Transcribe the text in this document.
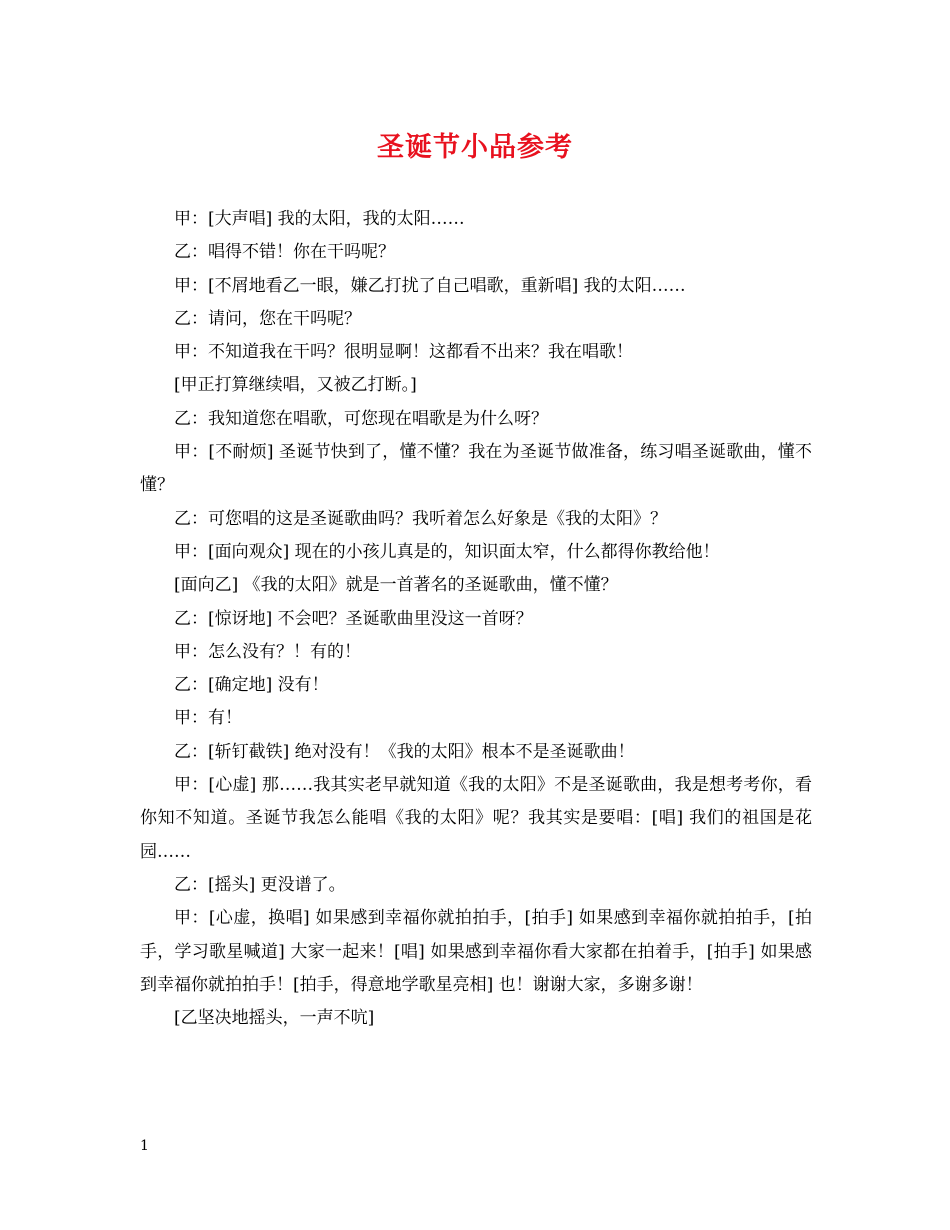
圣诞节小品参考

甲：[大声唱] 我的太阳，我的太阳……

乙：唱得不错！你在干吗呢？

甲：[不屑地看乙一眼，嫌乙打扰了自己唱歌，重新唱] 我的太阳……

乙：请问，您在干吗呢？

甲：不知道我在干吗？很明显啊！这都看不出来？我在唱歌！

[甲正打算继续唱，又被乙打断。]

乙：我知道您在唱歌，可您现在唱歌是为什么呀？

甲：[不耐烦] 圣诞节快到了，懂不懂？我在为圣诞节做准备，练习唱圣诞歌曲，懂不懂？

乙：可您唱的这是圣诞歌曲吗？我听着怎么好象是《我的太阳》？

甲：[面向观众] 现在的小孩儿真是的，知识面太窄，什么都得你教给他！

[面向乙] 《我的太阳》就是一首著名的圣诞歌曲，懂不懂？

乙：[惊讶地] 不会吧？圣诞歌曲里没这一首呀？

甲：怎么没有？！有的！

乙：[确定地] 没有！

甲：有！

乙：[斩钉截铁] 绝对没有！《我的太阳》根本不是圣诞歌曲！

甲：[心虚] 那……我其实老早就知道《我的太阳》不是圣诞歌曲，我是想考考你，看你知不知道。圣诞节我怎么能唱《我的太阳》呢？我其实是要唱：[唱] 我们的祖国是花园……

乙：[摇头] 更没谱了。

甲：[心虚，换唱] 如果感到幸福你就拍拍手，[拍手] 如果感到幸福你就拍拍手，[拍手，学习歌星喊道] 大家一起来！[唱] 如果感到幸福你看大家都在拍着手，[拍手] 如果感到幸福你就拍拍手！[拍手，得意地学歌星亮相] 也！谢谢大家，多谢多谢！

[乙坚决地摇头，一声不吭]

1
